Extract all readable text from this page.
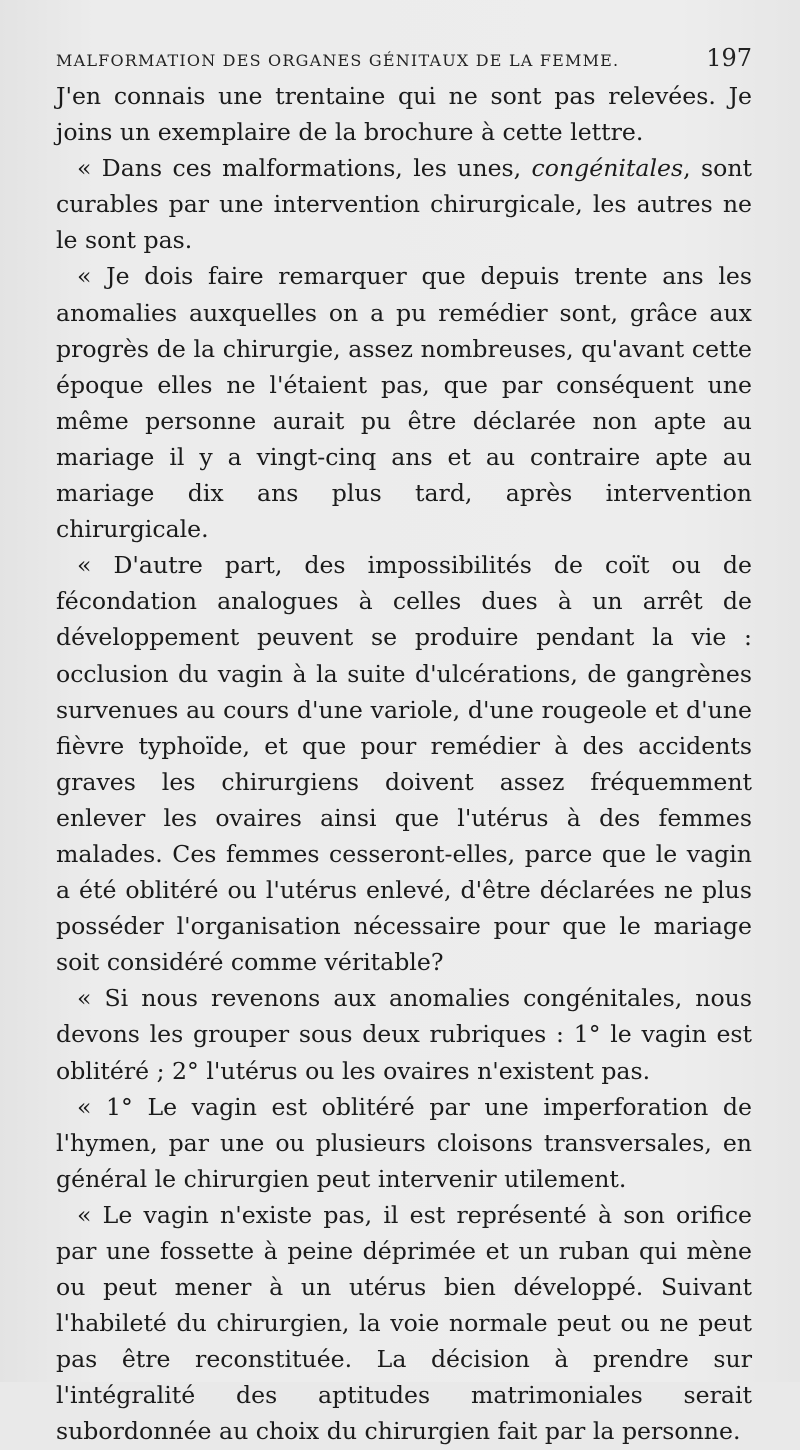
MALFORMATION DES ORGANES GÉNITAUX DE LA FEMME.	197

J'en connais une trentaine qui ne sont pas relevées. Je joins un exemplaire de la brochure à cette lettre.

« Dans ces malformations, les unes, congénitales, sont curables par une intervention chirurgicale, les autres ne le sont pas.

« Je dois faire remarquer que depuis trente ans les anomalies auxquelles on a pu remédier sont, grâce aux progrès de la chirurgie, assez nombreuses, qu'avant cette époque elles ne l'étaient pas, que par conséquent une même personne aurait pu être déclarée non apte au mariage il y a vingt-cinq ans et au contraire apte au mariage dix ans plus tard, après intervention chirurgicale.

« D'autre part, des impossibilités de coït ou de fécondation analogues à celles dues à un arrêt de développement peuvent se produire pendant la vie : occlusion du vagin à la suite d'ulcérations, de gangrènes survenues au cours d'une variole, d'une rougeole et d'une fièvre typhoïde, et que pour remédier à des accidents graves les chirurgiens doivent assez fréquemment enlever les ovaires ainsi que l'utérus à des femmes malades. Ces femmes cesseront-elles, parce que le vagin a été oblitéré ou l'utérus enlevé, d'être déclarées ne plus posséder l'organisation nécessaire pour que le mariage soit considéré comme véritable?

« Si nous revenons aux anomalies congénitales, nous devons les grouper sous deux rubriques : 1° le vagin est oblitéré ; 2° l'utérus ou les ovaires n'existent pas.

« 1° Le vagin est oblitéré par une imperforation de l'hymen, par une ou plusieurs cloisons transversales, en général le chirurgien peut intervenir utilement.

« Le vagin n'existe pas, il est représenté à son orifice par une fossette à peine déprimée et un ruban qui mène ou peut mener à un utérus bien développé. Suivant l'habileté du chirurgien, la voie normale peut ou ne peut pas être reconstituée. La décision à prendre sur l'intégralité des aptitudes matrimoniales serait subordonnée au choix du chirurgien fait par la personne.
